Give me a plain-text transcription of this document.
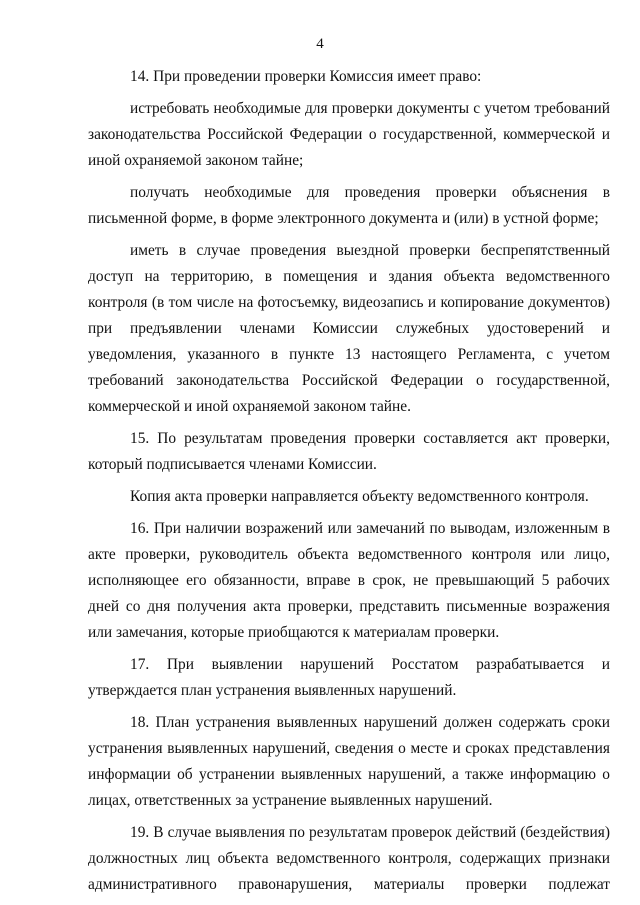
4

14. При проведении проверки Комиссия имеет право:

истребовать необходимые для проверки документы с учетом требований законодательства Российской Федерации о государственной, коммерческой и иной охраняемой законом тайне;

получать необходимые для проведения проверки объяснения в письменной форме, в форме электронного документа и (или) в устной форме;

иметь в случае проведения выездной проверки беспрепятственный доступ на территорию, в помещения и здания объекта ведомственного контроля (в том числе на фотосъемку, видеозапись и копирование документов) при предъявлении членами Комиссии служебных удостоверений и уведомления, указанного в пункте 13 настоящего Регламента, с учетом требований законодательства Российской Федерации о государственной, коммерческой и иной охраняемой законом тайне.

15. По результатам проведения проверки составляется акт проверки, который подписывается членами Комиссии.

Копия акта проверки направляется объекту ведомственного контроля.

16. При наличии возражений или замечаний по выводам, изложенным в акте проверки, руководитель объекта ведомственного контроля или лицо, исполняющее его обязанности, вправе в срок, не превышающий 5 рабочих дней со дня получения акта проверки, представить письменные возражения или замечания, которые приобщаются к материалам проверки.

17. При выявлении нарушений Росстатом разрабатывается и утверждается план устранения выявленных нарушений.

18. План устранения выявленных нарушений должен содержать сроки устранения выявленных нарушений, сведения о месте и сроках представления информации об устранении выявленных нарушений, а также информацию о лицах, ответственных за устранение выявленных нарушений.

19. В случае выявления по результатам проверок действий (бездействия) должностных лиц объекта ведомственного контроля, содержащих признаки административного правонарушения, материалы проверки подлежат
